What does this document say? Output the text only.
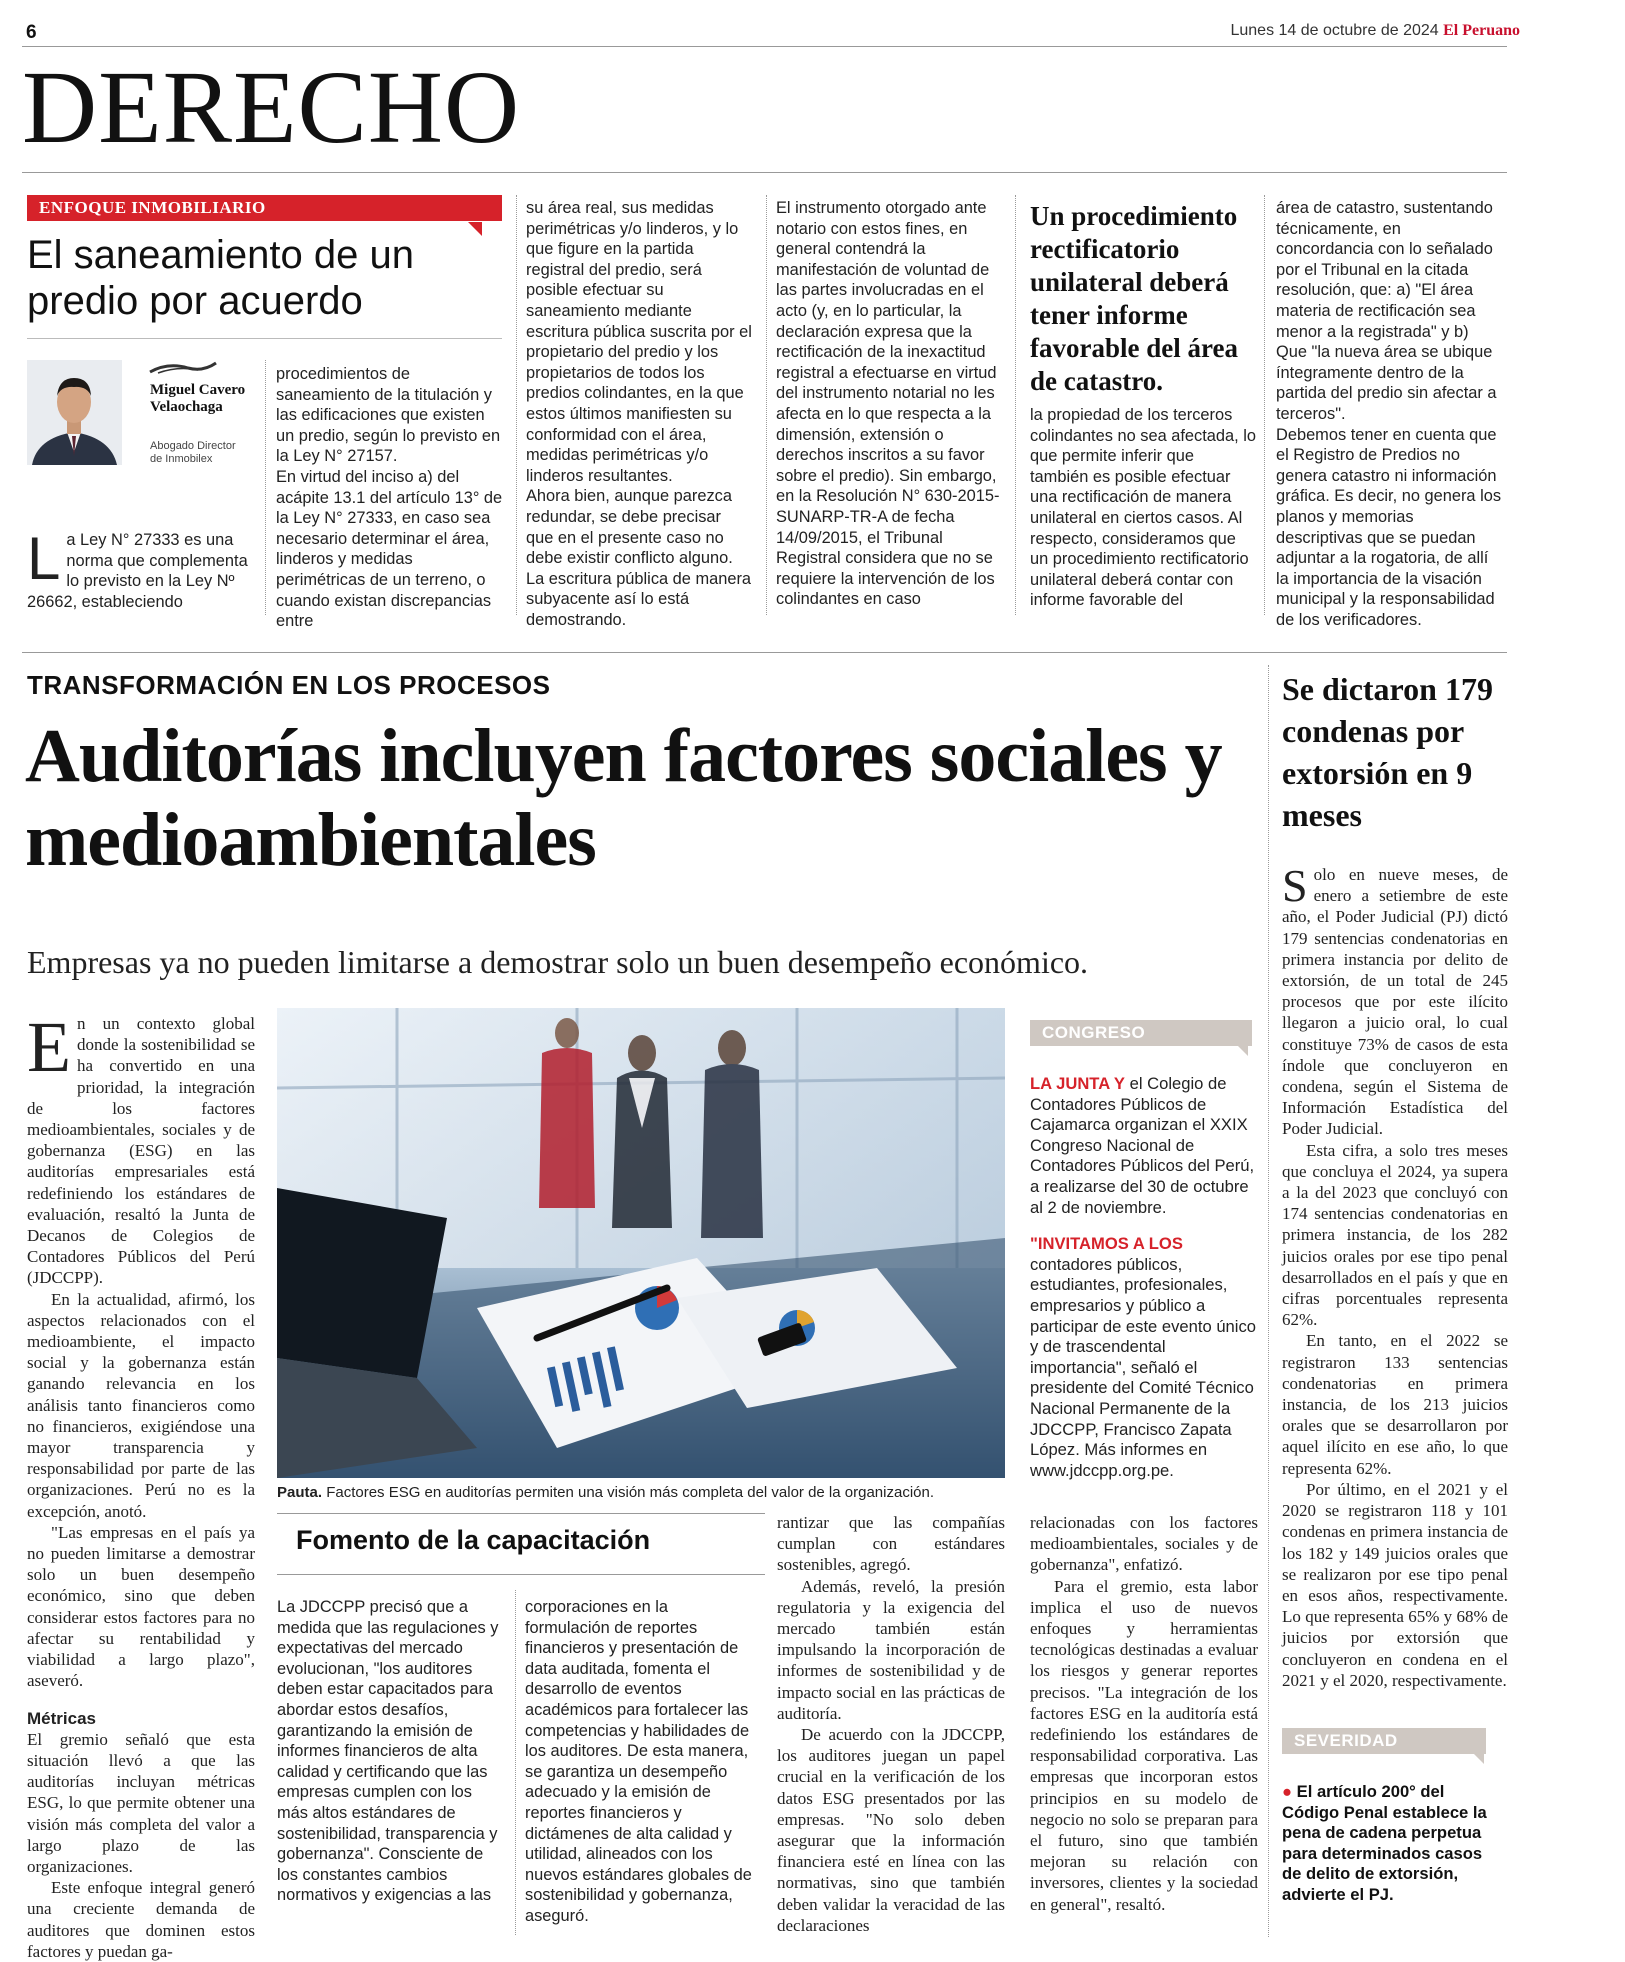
6	Lunes 14 de octubre de 2024 El Peruano
DERECHO
ENFOQUE INMOBILIARIO
El saneamiento de un predio por acuerdo
Miguel Cavero Velaochaga
Abogado Director de Inmobilex
La Ley N° 27333 es una norma que complementa lo previsto en la Ley Nº 26662, estableciendo

procedimientos de saneamiento de la titulación y las edificaciones que existen un predio, según lo previsto en la Ley N° 27157.

En virtud del inciso a) del acápite 13.1 del artículo 13° de la Ley N° 27333, en caso sea necesario determinar el área, linderos y medidas perimétricas de un terreno, o cuando existan discrepancias entre

su área real, sus medidas perimétricas y/o linderos, y lo que figure en la partida registral del predio, será posible efectuar su saneamiento mediante escritura pública suscrita por el propietario del predio y los propietarios de todos los predios colindantes, en la que estos últimos manifiesten su conformidad con el área, medidas perimétricas y/o linderos resultantes.

Ahora bien, aunque parezca redundar, se debe precisar que en el presente caso no debe existir conflicto alguno. La escritura pública de manera subyacente así lo está demostrando.

El instrumento otorgado ante notario con estos fines, en general contendrá la manifestación de voluntad de las partes involucradas en el acto (y, en lo particular, la declaración expresa que la rectificación de la inexactitud registral a efectuarse en virtud del instrumento notarial no les afecta en lo que respecta a la dimensión, extensión o derechos inscritos a su favor sobre el predio). Sin embargo, en la Resolución N° 630-2015-SUNARP-TR-A de fecha 14/09/2015, el Tribunal Registral considera que no se requiere la intervención de los colindantes en caso

Un procedimiento rectificatorio unilateral deberá tener informe favorable del área de catastro.

la propiedad de los terceros colindantes no sea afectada, lo que permite inferir que también es posible efectuar una rectificación de manera unilateral en ciertos casos. Al respecto, consideramos que un procedimiento rectificatorio unilateral deberá contar con informe favorable del

área de catastro, sustentando técnicamente, en concordancia con lo señalado por el Tribunal en la citada resolución, que: a) "El área materia de rectificación sea menor a la registrada" y b) Que "la nueva área se ubique íntegramente dentro de la partida del predio sin afectar a terceros".

Debemos tener en cuenta que el Registro de Predios no genera catastro ni información gráfica. Es decir, no genera los planos y memorias descriptivas que se puedan adjuntar a la rogatoria, de allí la importancia de la visación municipal y la responsabilidad de los verificadores.

TRANSFORMACIÓN EN LOS PROCESOS
Auditorías incluyen factores sociales y medioambientales
Empresas ya no pueden limitarse a demostrar solo un buen desempeño económico.

En un contexto global donde la sostenibilidad se ha convertido en una prioridad, la integración de los factores medioambientales, sociales y de gobernanza (ESG) en las auditorías empresariales está redefiniendo los estándares de evaluación, resaltó la Junta de Decanos de Colegios de Contadores Públicos del Perú (JDCCPP).

En la actualidad, afirmó, los aspectos relacionados con el medioambiente, el impacto social y la gobernanza están ganando relevancia en los análisis tanto financieros como no financieros, exigiéndose una mayor transparencia y responsabilidad por parte de las organizaciones. Perú no es la excepción, anotó.

"Las empresas en el país ya no pueden limitarse a demostrar solo un buen desempeño económico, sino que deben considerar estos factores para no afectar su rentabilidad y viabilidad a largo plazo", aseveró.

Métricas

El gremio señaló que esta situación llevó a que las auditorías incluyan métricas ESG, lo que permite obtener una visión más completa del valor a largo plazo de las organizaciones.

Este enfoque integral generó una creciente demanda de auditores que dominen estos factores y puedan ga-

Pauta. Factores ESG en auditorías permiten una visión más completa del valor de la organización.
Fomento de la capacitación

La JDCCPP precisó que a medida que las regulaciones y expectativas del mercado evolucionan, "los auditores deben estar capacitados para abordar estos desafíos, garantizando la emisión de informes financieros de alta calidad y certificando que las empresas cumplen con los más altos estándares de sostenibilidad, transparencia y gobernanza". Consciente de los constantes cambios normativos y exigencias a las

corporaciones en la formulación de reportes financieros y presentación de data auditada, fomenta el desarrollo de eventos académicos para fortalecer las competencias y habilidades de los auditores. De esta manera, se garantiza un desempeño adecuado y la emisión de reportes financieros y dictámenes de alta calidad y utilidad, alineados con los nuevos estándares globales de sostenibilidad y gobernanza, aseguró.

rantizar que las compañías cumplan con estándares sostenibles, agregó.

Además, reveló, la presión regulatoria y la exigencia del mercado también están impulsando la incorporación de informes de sostenibilidad y de impacto social en las prácticas de auditoría.

De acuerdo con la JDCCPP, los auditores juegan un papel crucial en la verificación de los datos ESG presentados por las empresas. "No solo deben asegurar que la información financiera esté en línea con las normativas, sino que también deben validar la veracidad de las declaraciones

CONGRESO

LA JUNTA Y el Colegio de Contadores Públicos de Cajamarca organizan el XXIX Congreso Nacional de Contadores Públicos del Perú, a realizarse del 30 de octubre al 2 de noviembre.

"INVITAMOS A LOS contadores públicos, estudiantes, profesionales, empresarios y público a participar de este evento único y de trascendental importancia", señaló el presidente del Comité Técnico Nacional Permanente de la JDCCPP, Francisco Zapata López. Más informes en www.jdccpp.org.pe.

relacionadas con los factores medioambientales, sociales y de gobernanza", enfatizó.

Para el gremio, esta labor implica el uso de nuevos enfoques y herramientas tecnológicas destinadas a evaluar los riesgos y generar reportes precisos. "La integración de los factores ESG en la auditoría está redefiniendo los estándares de responsabilidad corporativa. Las empresas que incorporan estos principios en su modelo de negocio no solo se preparan para el futuro, sino que también mejoran su relación con inversores, clientes y la sociedad en general", resaltó.

Se dictaron 179 condenas por extorsión en 9 meses

Solo en nueve meses, de enero a setiembre de este año, el Poder Judicial (PJ) dictó 179 sentencias condenatorias en primera instancia por delito de extorsión, de un total de 245 procesos que por este ilícito llegaron a juicio oral, lo cual constituye 73% de casos de esta índole que concluyeron en condena, según el Sistema de Información Estadística del Poder Judicial.

Esta cifra, a solo tres meses que concluya el 2024, ya supera a la del 2023 que concluyó con 174 sentencias condenatorias en primera instancia, de los 282 juicios orales por ese tipo penal desarrollados en el país y que en cifras porcentuales representa 62%.

En tanto, en el 2022 se registraron 133 sentencias condenatorias en primera instancia, de los 213 juicios orales que se desarrollaron por aquel ilícito en ese año, lo que representa 62%.

Por último, en el 2021 y el 2020 se registraron 118 y 101 condenas en primera instancia de los 182 y 149 juicios orales que se realizaron por ese tipo penal en esos años, respectivamente. Lo que representa 65% y 68% de juicios por extorsión que concluyeron en condena en el 2021 y el 2020, respectivamente.

SEVERIDAD
● El artículo 200° del Código Penal establece la pena de cadena perpetua para determinados casos de delito de extorsión, advierte el PJ.
